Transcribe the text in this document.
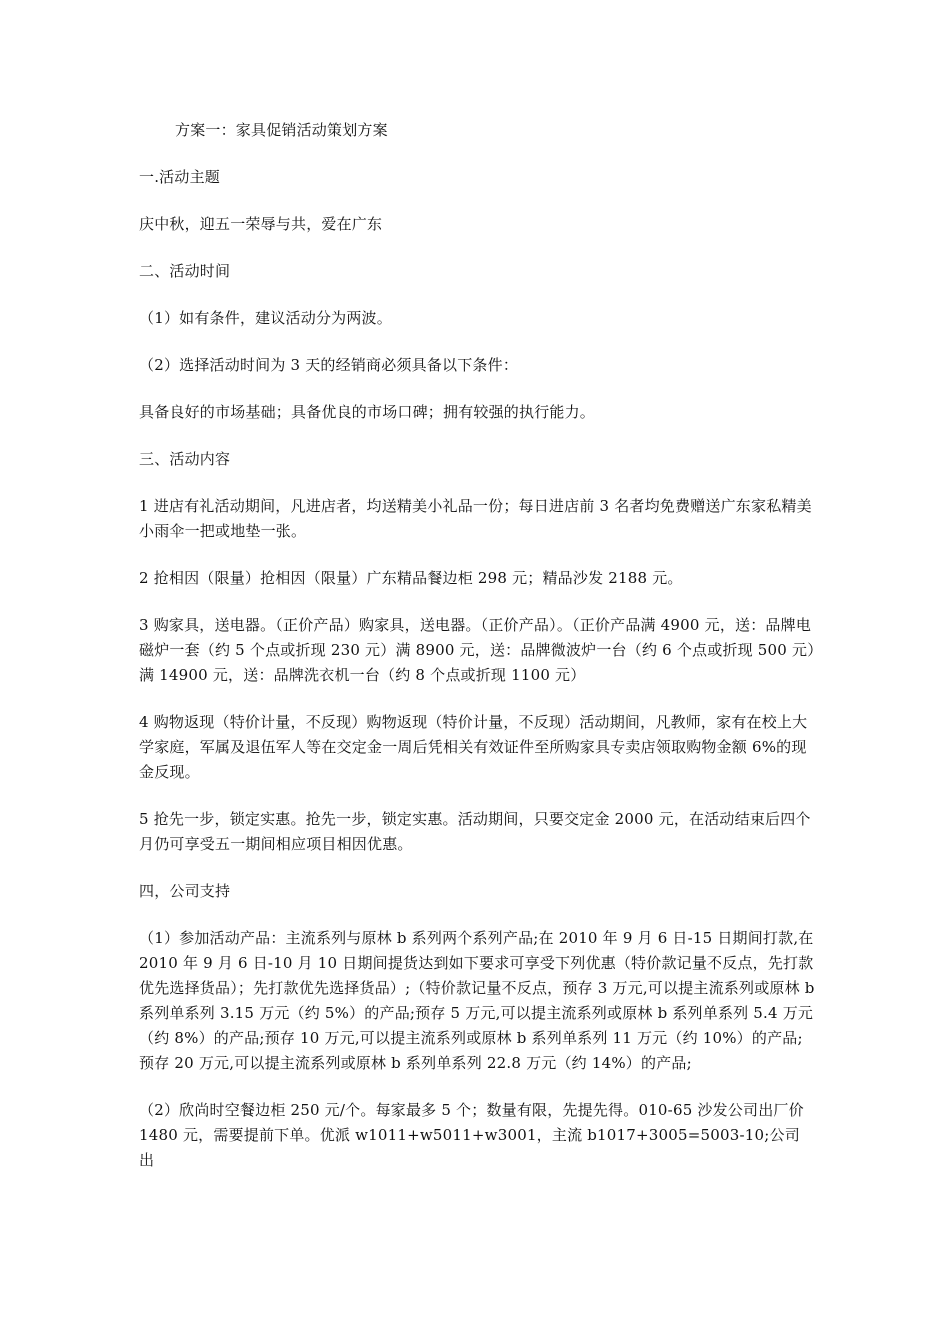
方案一：家具促销活动策划方案

一.活动主题

庆中秋，迎五一荣辱与共，爱在广东

二、活动时间

（1）如有条件，建议活动分为两波。

（2）选择活动时间为 3 天的经销商必须具备以下条件：

具备良好的市场基础；具备优良的市场口碑；拥有较强的执行能力。

三、活动内容

1 进店有礼活动期间，凡进店者，均送精美小礼品一份；每日进店前 3 名者均免费赠送广东家私精美小雨伞一把或地垫一张。

2 抢相因（限量）抢相因（限量）广东精品餐边柜 298 元；精品沙发 2188 元。

3 购家具，送电器。（正价产品）购家具，送电器。（正价产品）。（正价产品满 4900 元，送：品牌电磁炉一套（约 5 个点或折现 230 元）满 8900 元，送：品牌微波炉一台（约 6 个点或折现 500 元）满 14900 元，送：品牌洗衣机一台（约 8 个点或折现 1100 元）

4 购物返现（特价计量，不反现）购物返现（特价计量，不反现）活动期间，凡教师，家有在校上大学家庭，军属及退伍军人等在交定金一周后凭相关有效证件至所购家具专卖店领取购物金额 6%的现金反现。

5 抢先一步，锁定实惠。抢先一步，锁定实惠。活动期间，只要交定金 2000 元，在活动结束后四个月仍可享受五一期间相应项目相因优惠。

四，公司支持

（1）参加活动产品：主流系列与原林 b 系列两个系列产品;在 2010 年 9 月 6 日-15 日期间打款,在 2010 年 9 月 6 日-10 月 10 日期间提货达到如下要求可享受下列优惠（特价款记量不反点，先打款优先选择货品）；先打款优先选择货品）;（特价款记量不反点，预存 3 万元,可以提主流系列或原林 b 系列单系列 3.15 万元（约 5%）的产品;预存 5 万元,可以提主流系列或原林 b 系列单系列 5.4 万元（约 8%）的产品;预存 10 万元,可以提主流系列或原林 b 系列单系列 11 万元（约 10%）的产品;预存 20 万元,可以提主流系列或原林 b 系列单系列 22.8 万元（约 14%）的产品;

（2）欣尚时空餐边柜 250 元/个。每家最多 5 个；数量有限，先提先得。010-65 沙发公司出厂价 1480 元，需要提前下单。优派 w1011+w5011+w3001，主流 b1017+3005=5003-10;公司出
